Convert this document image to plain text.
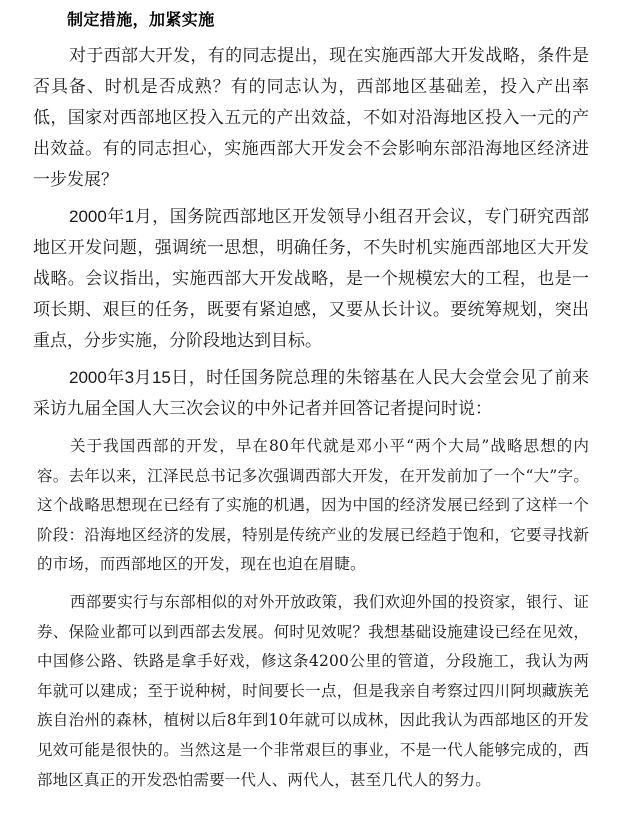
制定措施，加紧实施

对于西部大开发，有的同志提出，现在实施西部大开发战略，条件是否具备、时机是否成熟？有的同志认为，西部地区基础差，投入产出率低，国家对西部地区投入五元的产出效益，不如对沿海地区投入一元的产出效益。有的同志担心，实施西部大开发会不会影响东部沿海地区经济进一步发展？

2000年1月，国务院西部地区开发领导小组召开会议，专门研究西部地区开发问题，强调统一思想，明确任务，不失时机实施西部地区大开发战略。会议指出，实施西部大开发战略，是一个规模宏大的工程，也是一项长期、艰巨的任务，既要有紧迫感，又要从长计议。要统筹规划，突出重点，分步实施，分阶段地达到目标。

2000年3月15日，时任国务院总理的朱镕基在人民大会堂会见了前来采访九届全国人大三次会议的中外记者并回答记者提问时说：

关于我国西部的开发，早在80年代就是邓小平“两个大局”战略思想的内容。去年以来，江泽民总书记多次强调西部大开发，在开发前加了一个“大”字。这个战略思想现在已经有了实施的机遇，因为中国的经济发展已经到了这样一个阶段：沿海地区经济的发展，特别是传统产业的发展已经趋于饱和，它要寻找新的市场，而西部地区的开发，现在也迫在眉睫。

西部要实行与东部相似的对外开放政策，我们欢迎外国的投资家，银行、证券、保险业都可以到西部去发展。何时见效呢？我想基础设施建设已经在见效，中国修公路、铁路是拿手好戏，修这条4200公里的管道，分段施工，我认为两年就可以建成；至于说种树，时间要长一点，但是我亲自考察过四川阿坝藏族羌族自治州的森林，植树以后8年到10年就可以成林，因此我认为西部地区的开发见效可能是很快的。当然这是一个非常艰巨的事业，不是一代人能够完成的，西部地区真正的开发恐怕需要一代人、两代人，甚至几代人的努力。
